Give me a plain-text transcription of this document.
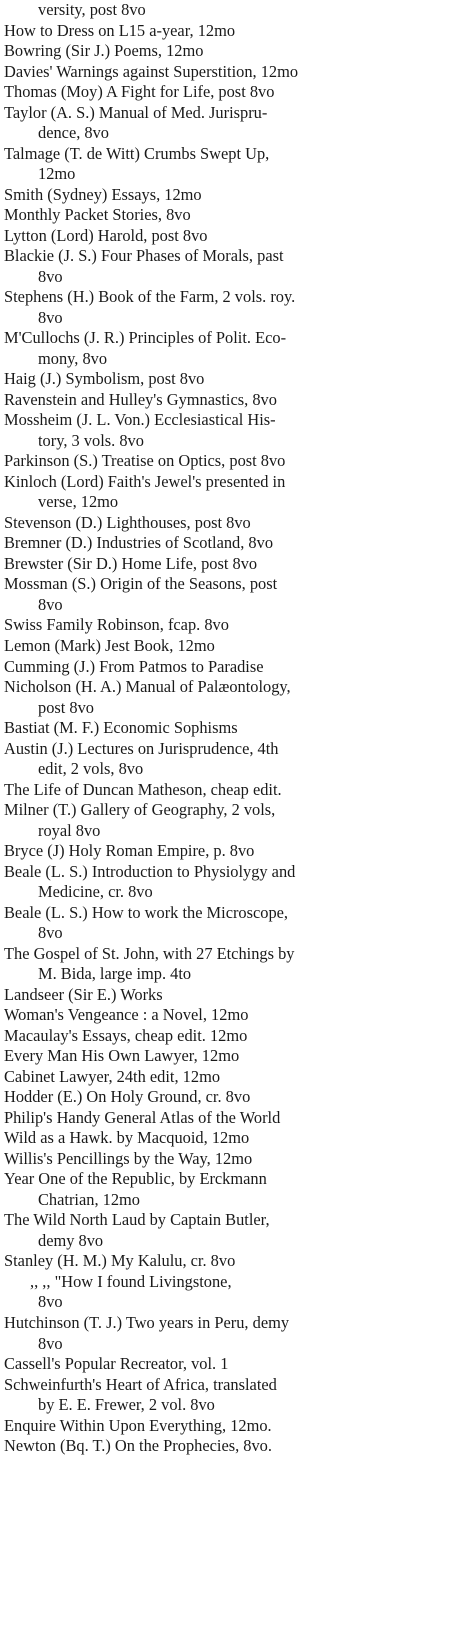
versity, post 8vo
How to Dress on L15 a-year, 12mo
Bowring (Sir J.) Poems, 12mo
Davies' Warnings against Superstition, 12mo
Thomas (Moy) A Fight for Life, post 8vo
Taylor (A. S.) Manual of Med. Jurispru-
dence, 8vo
Talmage (T. de Witt) Crumbs Swept Up,
12mo
Smith (Sydney) Essays, 12mo
Monthly Packet Stories, 8vo
Lytton (Lord) Harold, post 8vo
Blackie (J. S.) Four Phases of Morals, past
8vo
Stephens (H.) Book of the Farm, 2 vols. roy.
8vo
M'Cullochs (J. R.) Principles of Polit. Eco-
mony, 8vo
Haig (J.) Symbolism, post 8vo
Ravenstein and Hulley's Gymnastics, 8vo
Mossheim (J. L. Von.) Ecclesiastical His-
tory, 3 vols. 8vo
Parkinson (S.) Treatise on Optics, post 8vo
Kinloch (Lord) Faith's Jewel's presented in
verse, 12mo
Stevenson (D.) Lighthouses, post 8vo
Bremner (D.) Industries of Scotland, 8vo
Brewster (Sir D.) Home Life, post 8vo
Mossman (S.) Origin of the Seasons, post
8vo
Swiss Family Robinson, fcap. 8vo
Lemon (Mark) Jest Book, 12mo
Cumming (J.) From Patmos to Paradise
Nicholson (H. A.) Manual of Palæontology,
post 8vo
Bastiat (M. F.) Economic Sophisms
Austin (J.) Lectures on Jurisprudence, 4th
edit, 2 vols, 8vo
The Life of Duncan Matheson, cheap edit.
Milner (T.) Gallery of Geography, 2 vols,
royal 8vo
Bryce (J) Holy Roman Empire, p. 8vo
Beale (L. S.) Introduction to Physiolygy and
Medicine, cr. 8vo
Beale (L. S.) How to work the Microscope,
8vo
The Gospel of St. John, with 27 Etchings by
M. Bida, large imp. 4to
Landseer (Sir E.) Works
Woman's Vengeance : a Novel, 12mo
Macaulay's Essays, cheap edit. 12mo
Every Man His Own Lawyer, 12mo
Cabinet Lawyer, 24th edit, 12mo
Hodder (E.) On Holy Ground, cr. 8vo
Philip's Handy General Atlas of the World
Wild as a Hawk. by Macquoid, 12mo
Willis's Pencillings by the Way, 12mo
Year One of the Republic, by Erckmann
Chatrian, 12mo
The Wild North Laud by Captain Butler,
demy 8vo
Stanley (H. M.) My Kalulu, cr. 8vo
,, ,, "How I found Livingstone,
8vo
Hutchinson (T. J.) Two years in Peru, demy
8vo
Cassell's Popular Recreator, vol. 1
Schweinfurth's Heart of Africa, translated
by E. E. Frewer, 2 vol. 8vo
Enquire Within Upon Everything, 12mo.
Newton (Bq. T.) On the Prophecies, 8vo.
